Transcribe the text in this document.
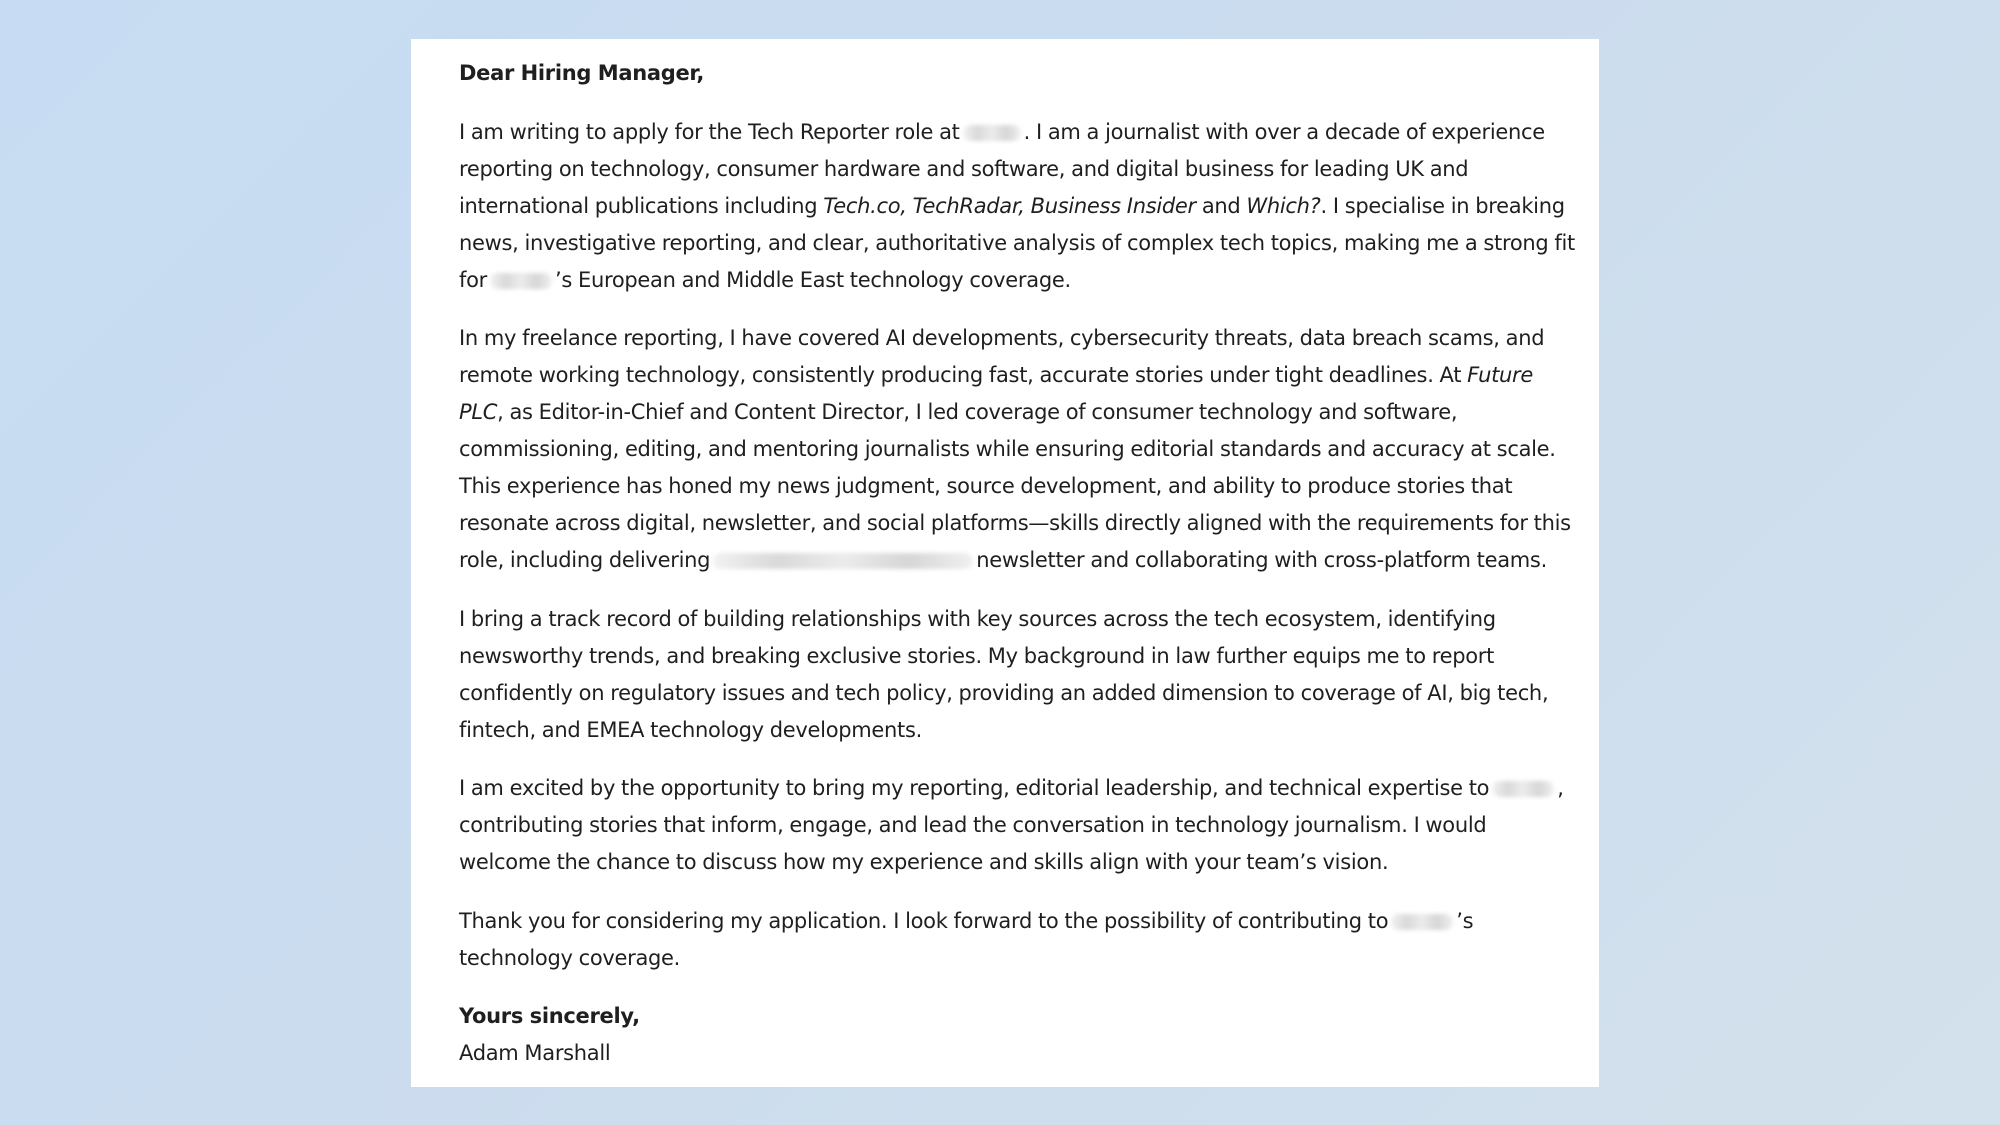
Dear Hiring Manager,
I am writing to apply for the Tech Reporter role at	. I am a journalist with over a decade of experience
reporting on technology, consumer hardware and software, and digital business for leading UK and
international publications including Tech.co, TechRadar, Business Insider and Which?. I specialise in breaking
news, investigative reporting, and clear, authoritative analysis of complex tech topics, making me a strong fit
for	’s European and Middle East technology coverage.
In my freelance reporting, I have covered AI developments, cybersecurity threats, data breach scams, and
remote working technology, consistently producing fast, accurate stories under tight deadlines. At Future
PLC, as Editor-in-Chief and Content Director, I led coverage of consumer technology and software,
commissioning, editing, and mentoring journalists while ensuring editorial standards and accuracy at scale.
This experience has honed my news judgment, source development, and ability to produce stories that
resonate across digital, newsletter, and social platforms—skills directly aligned with the requirements for this
role, including delivering	newsletter and collaborating with cross-platform teams.
I bring a track record of building relationships with key sources across the tech ecosystem, identifying
newsworthy trends, and breaking exclusive stories. My background in law further equips me to report
confidently on regulatory issues and tech policy, providing an added dimension to coverage of AI, big tech,
fintech, and EMEA technology developments.
I am excited by the opportunity to bring my reporting, editorial leadership, and technical expertise to	,
contributing stories that inform, engage, and lead the conversation in technology journalism. I would
welcome the chance to discuss how my experience and skills align with your team’s vision.
Thank you for considering my application. I look forward to the possibility of contributing to	’s
technology coverage.
Yours sincerely,
Adam Marshall
